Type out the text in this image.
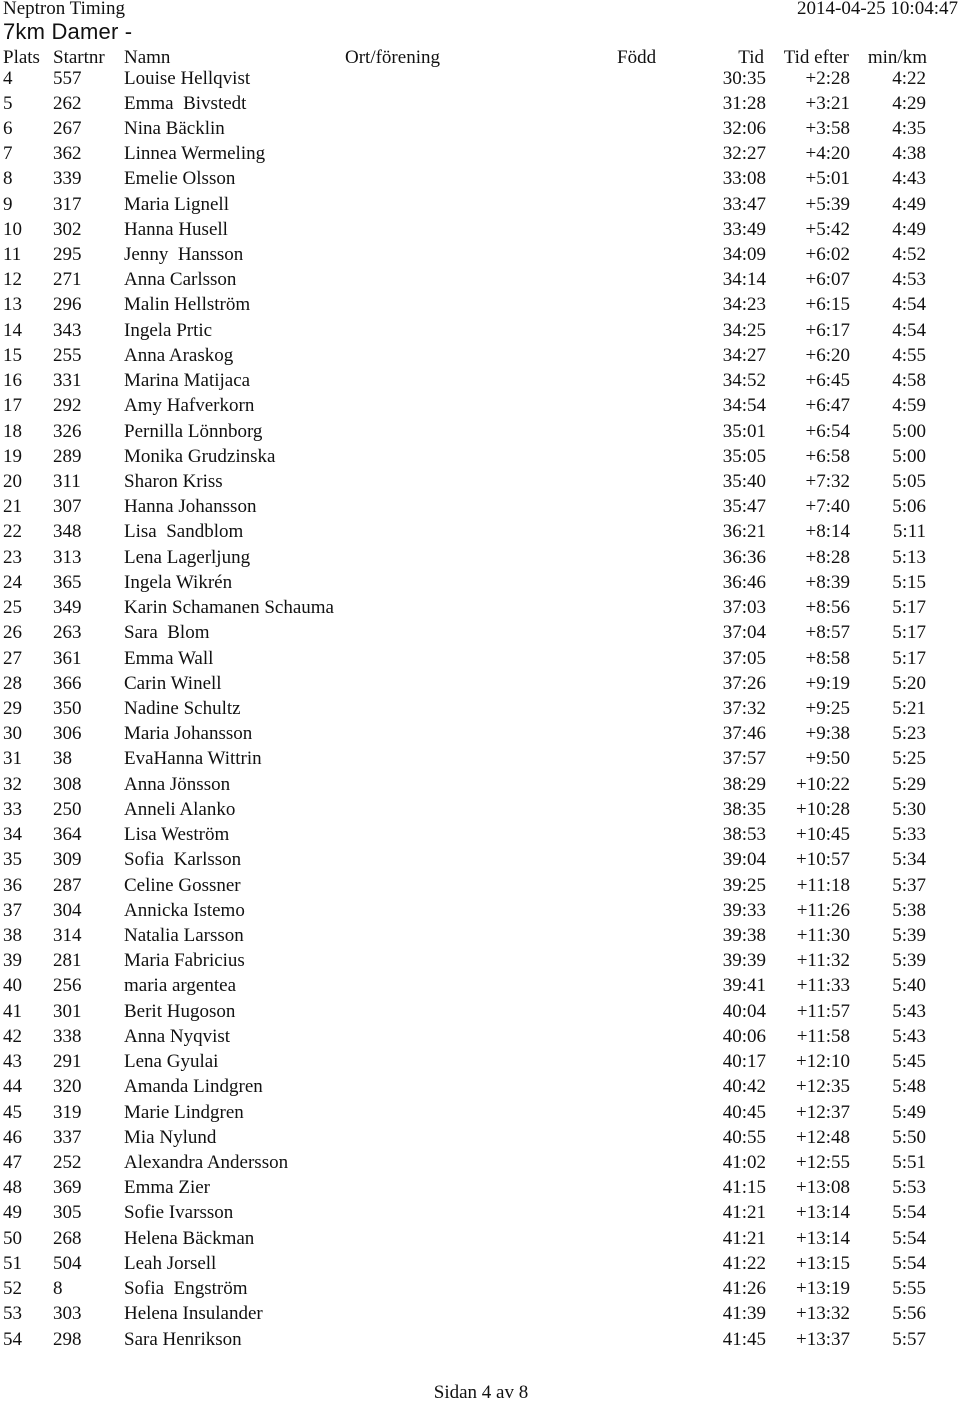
Neptron Timing	2014-04-25 10:04:47
7km Damer -
Plats Startnr Namn	Ort/förening	Född	Tid Tid efter min/km
4 557 Louise Hellqvist	30:35 +2:28 4:22
5 262 Emma  Bivstedt	31:28 +3:21 4:29
6 267 Nina Bäcklin	32:06 +3:58 4:35
7 362 Linnea Wermeling	32:27 +4:20 4:38
8 339 Emelie Olsson	33:08 +5:01 4:43
9 317 Maria Lignell	33:47 +5:39 4:49
10 302 Hanna Husell	33:49 +5:42 4:49
11 295 Jenny  Hansson	34:09 +6:02 4:52
12 271 Anna Carlsson	34:14 +6:07 4:53
13 296 Malin Hellström	34:23 +6:15 4:54
14 343 Ingela Prtic	34:25 +6:17 4:54
15 255 Anna Araskog	34:27 +6:20 4:55
16 331 Marina Matijaca	34:52 +6:45 4:58
17 292 Amy Hafverkorn	34:54 +6:47 4:59
18 326 Pernilla Lönnborg	35:01 +6:54 5:00
19 289 Monika Grudzinska	35:05 +6:58 5:00
20 311 Sharon Kriss	35:40 +7:32 5:05
21 307 Hanna Johansson	35:47 +7:40 5:06
22 348 Lisa  Sandblom	36:21 +8:14 5:11
23 313 Lena Lagerljung	36:36 +8:28 5:13
24 365 Ingela Wikrén	36:46 +8:39 5:15
25 349 Karin Schamanen Schauma	37:03 +8:56 5:17
26 263 Sara  Blom	37:04 +8:57 5:17
27 361 Emma Wall	37:05 +8:58 5:17
28 366 Carin Winell	37:26 +9:19 5:20
29 350 Nadine Schultz	37:32 +9:25 5:21
30 306 Maria Johansson	37:46 +9:38 5:23
31 38	EvaHanna Wittrin	37:57 +9:50 5:25
32 308 Anna Jönsson	38:29 +10:22 5:29
33 250 Anneli Alanko	38:35 +10:28 5:30
34 364 Lisa Weström	38:53 +10:45 5:33
35 309 Sofia  Karlsson	39:04 +10:57 5:34
36 287 Celine Gossner	39:25 +11:18 5:37
37 304 Annicka Istemo	39:33 +11:26 5:38
38 314 Natalia Larsson	39:38 +11:30 5:39
39 281 Maria Fabricius	39:39 +11:32 5:39
40 256 maria argentea	39:41 +11:33 5:40
41 301 Berit Hugoson	40:04 +11:57 5:43
42 338 Anna Nyqvist	40:06 +11:58 5:43
43 291 Lena Gyulai	40:17 +12:10 5:45
44 320 Amanda Lindgren	40:42 +12:35 5:48
45 319 Marie Lindgren	40:45 +12:37 5:49
46 337 Mia Nylund	40:55 +12:48 5:50
47 252 Alexandra Andersson	41:02 +12:55 5:51
48 369 Emma Zier	41:15 +13:08 5:53
49 305 Sofie Ivarsson	41:21 +13:14 5:54
50 268 Helena Bäckman	41:21 +13:14 5:54
51 504 Leah Jorsell	41:22 +13:15 5:54
52 8	Sofia  Engström	41:26 +13:19 5:55
53 303 Helena Insulander	41:39 +13:32 5:56
54 298 Sara Henrikson	41:45 +13:37 5:57
Sidan 4 av 8
